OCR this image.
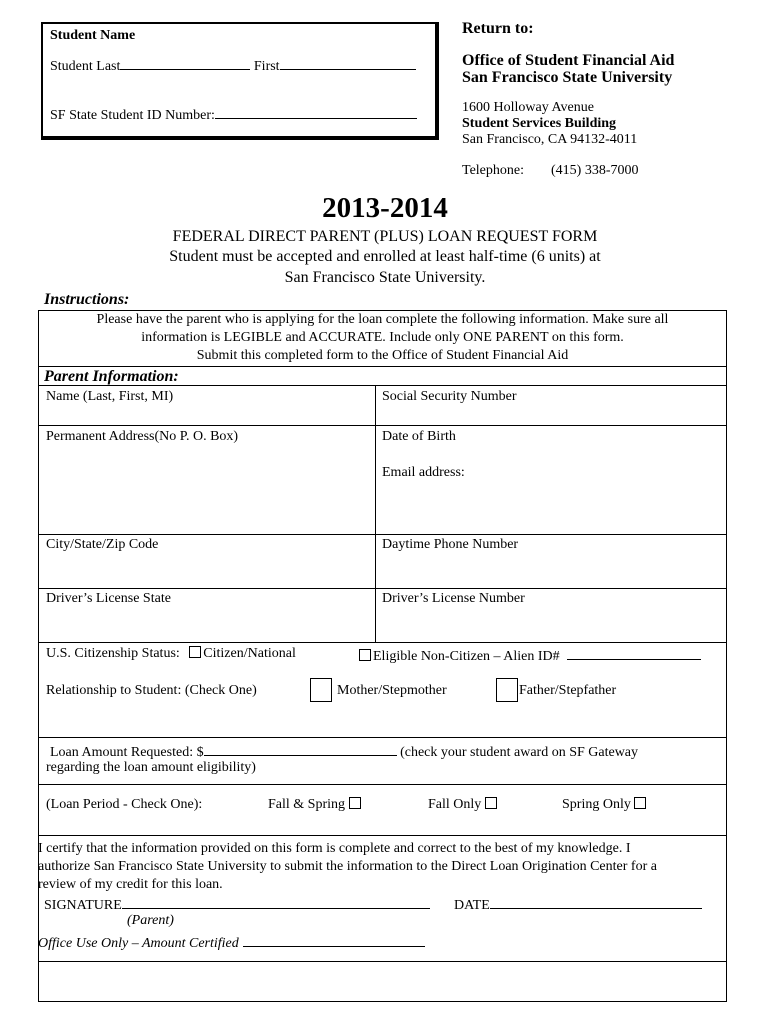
Student Name
Student Last	First
SF State Student ID Number:
Return to:
Office of Student Financial Aid
San Francisco State University
1600 Holloway Avenue
Student Services Building
San Francisco, CA 94132-4011
Telephone: (415) 338-7000
2013-2014
FEDERAL DIRECT PARENT (PLUS) LOAN REQUEST FORM
Student must be accepted and enrolled at least half-time (6 units) at
San Francisco State University.
Instructions:
Please have the parent who is applying for the loan complete the following information. Make sure all
information is LEGIBLE and ACCURATE. Include only ONE PARENT on this form.
Submit this completed form to the Office of Student Financial Aid
Parent Information:
Name (Last, First, MI)	Social Security Number
Permanent Address(No P. O. Box)	Date of Birth
Email address:
City/State/Zip Code	Daytime Phone Number
Driver’s License State	Driver’s License Number
U.S. Citizenship Status: Citizen/National	Eligible Non-Citizen – Alien ID#
Relationship to Student: (Check One)	Mother/Stepmother	Father/Stepfather
Loan Amount Requested: $	(check your student award on SF Gateway
regarding the loan amount eligibility)
(Loan Period - Check One):	Fall & Spring	Fall Only	Spring Only
I certify that the information provided on this form is complete and correct to the best of my knowledge. I
authorize San Francisco State University to submit the information to the Direct Loan Origination Center for a
review of my credit for this loan.
SIGNATURE	DATE
(Parent)
Office Use Only – Amount Certified
